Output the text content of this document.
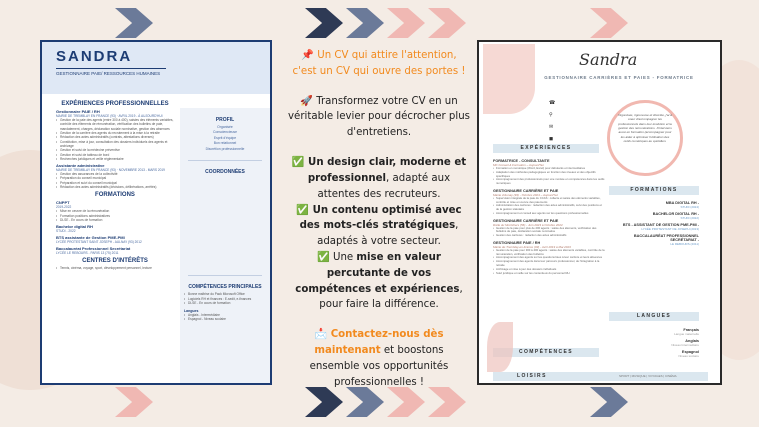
SANDRA
GESTIONNAIRE PAIE/ RESSOURCES HUMAINES
EXPÉRIENCES PROFESSIONNELLES
Gestionnaire PAIE / RH
MAIRIE DE TREMBLAY EN FRANCE (93) · AVRIL 2019 - À AUJOURD'HUI
• Gestion de la paie des agents (entre 300 à 400), saisies des éléments variables, contrôle des éléments de rémunération, vérification des bulletins de paie, mandatement, charges, déclaration sociale nominative, gestion des absences
• Gestion de la carrière des agents du recrutement à la mise à la retraite
• Rédaction des actes administratifs (contrats, attestations diverses)
• Constitution, mise à jour, consultation des dossiers individuels des agents et archivage
• Gestion et suivi de la médecine préventive
• Gestion et suivi de tableau de bord
• Recherches juridiques et veille réglementaire
Assistante administrative
MAIRIE DE TREMBLAY EN FRANCE (93) · NOVEMBRE 2013 - MARS 2019
• Gestion des assurances de la collectivité
• Préparation du conseil municipal
• Préparation et suivi du conseil municipal
• Rédaction des actes administratifs (décisions, délibérations, arrêtés)
FORMATIONS
CNPPT
2019-2022
• Mise en oeuvre de la rémunération
• Formation positions administratives
• DLSE - En cours de formation
Bachelor digital RH
STUDI - 2022
BTS assistante de Gestion PME-PMI
LYCÉE PROTESTANT SAINT JOSEPH - AULNAY (93) 2012
Baccalauréat Professionnel Secrétariat
LYCÉE LE REBOURS - PARIS 13 (75) 2011
CENTRES D'INTÉRÊTS
• Tennis, cinéma, voyage, sport, développement personnel, lecture
PROFIL
Organisée
Consciencieuse
Esprit d'équipe
Bon relationnel
Discrétion professionnelle
COORDONNÉES
COMPÉTENCES PRINCIPALES
• Bonne maîtrise du Pack Microsoft Office
• Logiciels RH et finances : E-sedit, e-finances
• DLSE - En cours de formation
Langues
• Anglais - Intermédiaire
• Espagnol - Niveau scolaire

📌 Un CV qui attire l'attention, c'est un CV qui ouvre des portes !

🚀 Transformez votre CV en un véritable levier pour décrocher plus d'entretiens.

✅ Un design clair, moderne et professionnel, adapté aux attentes des recruteurs.

✅ Un contenu optimisé avec des mots-clés stratégiques, adaptés à votre secteur.

✅ Une mise en valeur percutante de vos compétences et expériences, pour faire la différence.

📩 Contactez-nous dès maintenant et boostons ensemble vos opportunités professionnelles !

Sandra
GESTIONNAIRE CARRIÈRES ET PAIES - FORMATRICE
☎
⚲
✉
◼

Organisée, rigoureuse et discrète, j'ai à cœur d'accompagner les professionnels dans leur évolution et la gestion des rémunérations. J'interviens aussi en formation (accompagner pour les aider à optimiser l'utilisation des outils numériques au quotidien.

EXPÉRIENCES
FORMATRICE - CONSULTANTE
MC Conseil & Formation – Aujourd'hui
• Formation en numérique (Word, Excel) pour débutants et intermédiaires
• Adaptation des méthodes pédagogiques en fonction des niveaux et des objectifs spécifiques
• Accompagnement des professionnels pour une montée en compétences dans les outils numériques
GESTIONNAIRE CARRIÈRE ET PAIE
Mairie d'Aunay (93) - Octobre 2024 – Aujourd'hui
• Supervision intégrale de la paie du CCAS : collecte et saisie des éléments variables, contrôle et mise en œuvre des paiements
• Administration des carrières : rédaction des actes administratifs, suivi des positions et de la gestion statutaire
• Accompagnement et conseil aux agents sur les questions professionnelles
GESTIONNAIRE CARRIÈRE ET PAIE
Drêle du Montchers (56) - Juin 2023 à Octobre 2024
• Gestion de la paie pour plus de 200 agents : saisie des éléments, vérification des bulletins de paie, déclaration sociale nominative
• Gestion des carrières : rédaction des actes administratifs
GESTIONNAIRE PAIE / RH
Mairie de Tremblay-en-France (93) - Avril 2019 à Mai 2023
• Gestion de la paie pour 300 à 400 agents : saisie des éléments variables, contrôle de la rémunération, vérification des bulletins
• Accompagnement des agents sur les questions liées à leur carrière et leurs absences
• Accompagnement des agents dans leur parcours professionnel, de l'intégration à la retraite
• Archivage et mise à jour des dossiers individuels
• Suivi juridique et veille sur les contentieux du personnel RH
FORMATIONS
MBA DIGITAL RH -
STUDI (2024)
BACHELOR DIGITAL RH -
STUDI (2022)
BTS - ASSISTANT DE GESTION PME-PMI -
LYCÉE PROTESTANT DE JOSEPH (2013)
BACCALAURÉAT PROFESSIONNEL SECRÉTARIAT -
LE REBOURS (2011)
LANGUES
Français
Langue maternelle
Anglais
Niveau Intermédiaire
Espagnol
Niveau scolaire
COMPÉTENCES
LOISIRS	SPORT | MUSIQUE | VOYAGES | CINÉMA
